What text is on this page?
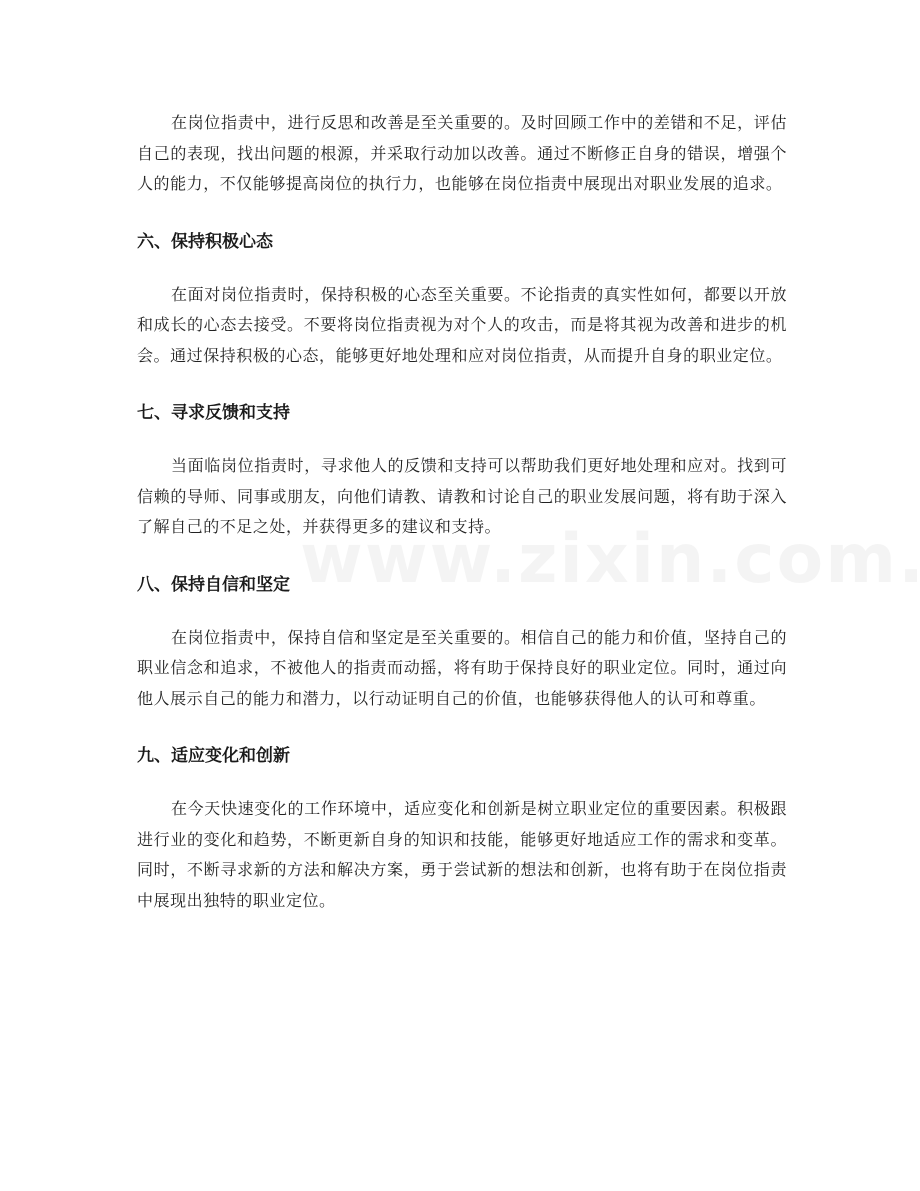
在岗位指责中，进行反思和改善是至关重要的。及时回顾工作中的差错和不足，评估自己的表现，找出问题的根源，并采取行动加以改善。通过不断修正自身的错误，增强个人的能力，不仅能够提高岗位的执行力，也能够在岗位指责中展现出对职业发展的追求。

六、保持积极心态

在面对岗位指责时，保持积极的心态至关重要。不论指责的真实性如何，都要以开放和成长的心态去接受。不要将岗位指责视为对个人的攻击，而是将其视为改善和进步的机会。通过保持积极的心态，能够更好地处理和应对岗位指责，从而提升自身的职业定位。

七、寻求反馈和支持

当面临岗位指责时，寻求他人的反馈和支持可以帮助我们更好地处理和应对。找到可信赖的导师、同事或朋友，向他们请教、请教和讨论自己的职业发展问题，将有助于深入了解自己的不足之处，并获得更多的建议和支持。

八、保持自信和坚定

在岗位指责中，保持自信和坚定是至关重要的。相信自己的能力和价值，坚持自己的职业信念和追求，不被他人的指责而动摇，将有助于保持良好的职业定位。同时，通过向他人展示自己的能力和潜力，以行动证明自己的价值，也能够获得他人的认可和尊重。

九、适应变化和创新

在今天快速变化的工作环境中，适应变化和创新是树立职业定位的重要因素。积极跟进行业的变化和趋势，不断更新自身的知识和技能，能够更好地适应工作的需求和变革。同时，不断寻求新的方法和解决方案，勇于尝试新的想法和创新，也将有助于在岗位指责中展现出独特的职业定位。
